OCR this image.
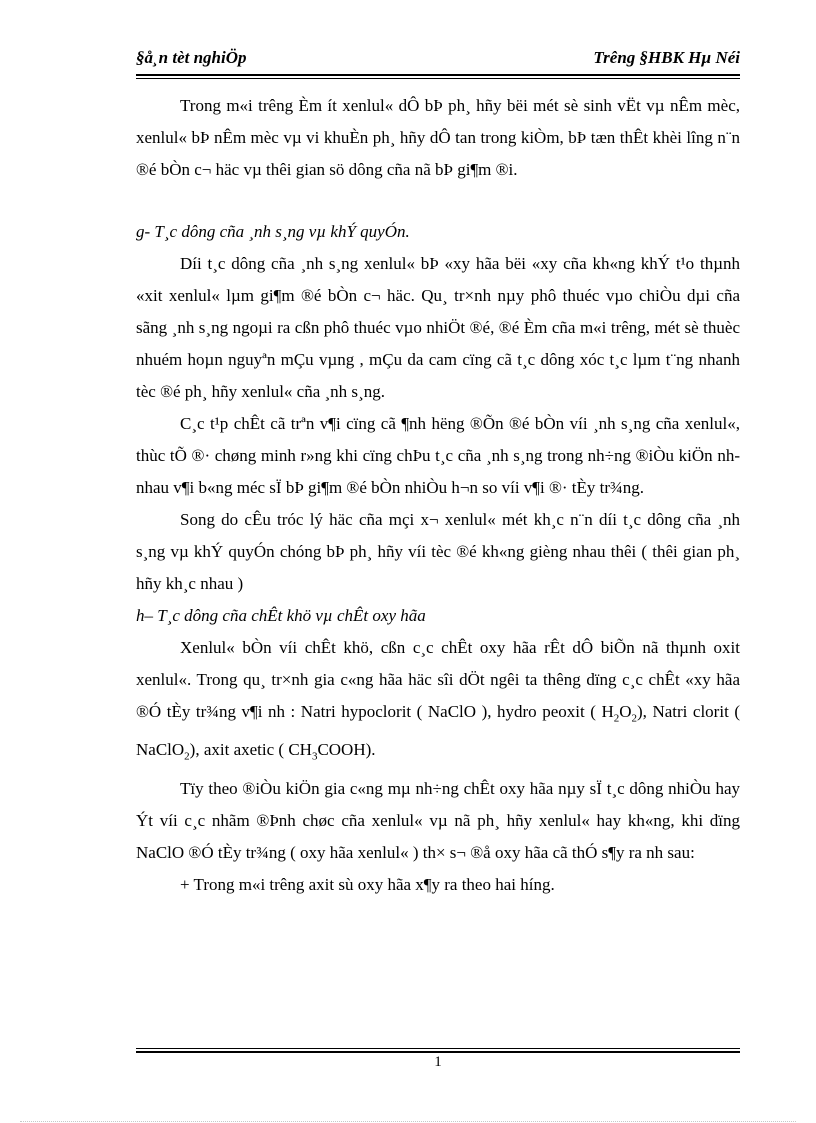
§å¸n tèt nghiÖp	Trêng §HBK Hµ Néi

Trong m«i trêng Èm ít xenlul« dÔ bÞ ph¸ hñy bëi mét sè sinh vËt vµ nÊm mèc, xenlul« bÞ nÊm mèc vµ vi khuÈn ph¸ hñy dÔ tan trong kiÒm, bÞ tæn thÊt khèi lîng n¨n ®é bÒn c¬ häc vµ thêi gian sö dông cña nã bÞ gi¶m ®i.

g- T¸c dông cña ¸nh s¸ng vµ khÝ quyÓn.

Díi t¸c dông cña ¸nh s¸ng xenlul« bÞ «xy hãa bëi «xy cña kh«ng khÝ t¹o thµnh «xit xenlul« lµm gi¶m ®é bÒn c¬ häc. Qu¸ tr×nh nµy phô thuéc vµo chiÒu dµi cña sãng ¸nh s¸ng ngoµi ra cßn phô thuéc vµo nhiÖt ®é, ®é Èm cña m«i trêng, mét sè thuèc nhuém hoµn nguyªn mÇu vµng , mÇu da cam cïng cã t¸c dông xóc t¸c lµm t¨ng nhanh tèc ®é ph¸ hñy xenlul« cña ¸nh s¸ng.

C¸c t¹p chÊt cã trªn v¶i cïng cã ¶nh hëng ®Õn ®é bÒn víi ¸nh s¸ng cña xenlul«, thùc tÕ ®· chøng minh r»ng khi cïng chÞu t¸c cña ¸nh s¸ng trong nh÷ng ®iÒu kiÖn nh nhau v¶i b«ng méc sÏ bÞ gi¶m ®é bÒn nhiÒu h¬n so víi v¶i ®· tÈy tr¾ng.

Song do cÊu tróc lý häc cña mçi x¬ xenlul« mét kh¸c n¨n díi t¸c dông cña ¸nh s¸ng vµ khÝ quyÓn chóng bÞ ph¸ hñy víi tèc ®é kh«ng gièng nhau thêi ( thêi gian ph¸ hñy kh¸c nhau )

h– T¸c dông cña chÊt khö vµ chÊt oxy hãa

Xenlul« bÒn víi chÊt khö, cßn c¸c chÊt oxy hãa rÊt dÔ biÕn nã thµnh oxit xenlul«. Trong qu¸ tr×nh gia c«ng hãa häc sîi dÖt ngêi ta thêng dïng c¸c chÊt «xy hãa ®Ó tÈy tr¾ng v¶i nh : Natri hypoclorit ( NaClO ), hydro peoxit ( $H_2O_2$), Natri clorit ( NaClO$_2$), axit axetic ( $CH_3COOH$).

Tïy theo ®iÒu kiÖn gia c«ng mµ nh÷ng chÊt oxy hãa nµy sÏ t¸c dông nhiÒu hay Ýt víi c¸c nhãm ®Þnh chøc cña xenlul« vµ nã ph¸ hñy xenlul« hay kh«ng, khi dïng NaClO ®Ó tÈy tr¾ng ( oxy hãa xenlul« ) th× s¬ ®å oxy hãa cã thÓ s¶y ra nh sau:

+ Trong m«i trêng axit sù oxy hãa x¶y ra theo hai híng.

1
